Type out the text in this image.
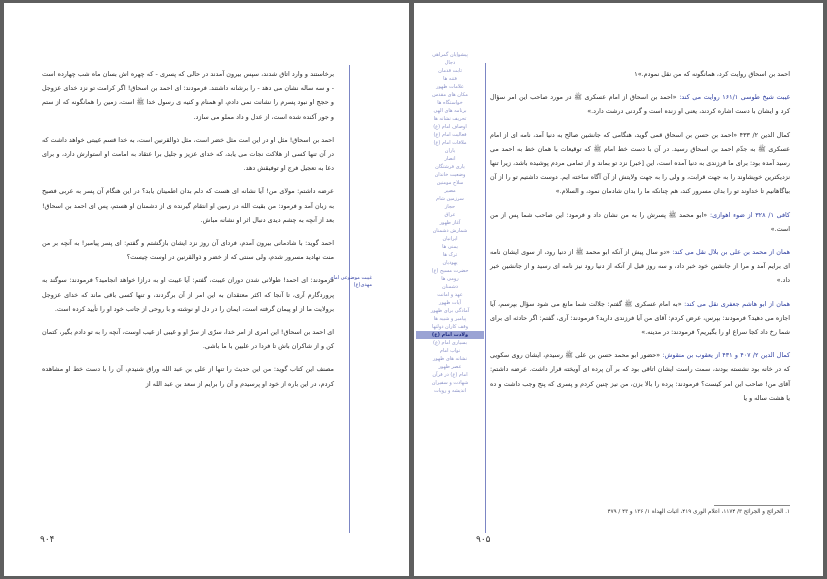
برخاستند و وارد اتاق شدند، سپس بیرون آمدند در حالی که پسری - که چهره اش بسان ماه شب چهارده است - و سه ساله نشان می دهد - را برشانه داشتند. فرمودند: ای احمد بن اسحاق! اگر کرامت تو نزد خدای عزوجل و حجج او نبود پسرم را نشانت نمی دادم، او همنام و کنیه ی رسول خدا ﷺ است، زمین را همانگونه که از ستم و جور آکنده شده است، از عدل و داد مملو می سازد.

احمد بن اسحاق! مثل او در این امت مثل خضر است، مثل ذوالقرنین است، به خدا قسم غیبتی خواهد داشت که در آن تنها کسی از هلاکت نجات می یابد، که خدای عزیز و جلیل برا عتقاد به امامت او استوارش دارد، و برای دعا به تعجیل فرج او توفیقش دهد.

عرضه داشتم: مولای من! آیا نشانه ای هست که دلم بدان اطمینان یابد؟ در این هنگام آن پسر به عربی فصیح به زبان آمد و فرمود: من بقیت الله در زمین او انتقام گیرنده ی از دشمنان او هستم، پس ای احمد بن اسحاق! بعد از آنچه به چشم دیدی دنبال اثر او نشانه مباش.

احمد گوید: با شادمانی بیرون آمدم، فردای آن روز نزد ایشان بازگشتم و گفتم: ای پسر پیامبر! به آنچه بر من منت نهادید مسرور شدم، ولی سنتی که از خضر و ذوالقرنین در اوست چیست؟

فرمودند: ای احمد! طولانی شدن دوران غیبت، گفتم: آیا غیبت او به درازا خواهد انجامید؟ فرمودند: سوگند به پروردگارم آری، تا آنجا که اکثر معتقدان به این امر از آن برگردند، و تنها کسی باقی ماند که خدای عزوجل برولایت ما از او پیمان گرفته است، ایمان را در دل او نوشته و با روحی از جانب خود او را تأیید کرده است.

ای احمد بن اسحاق! این امری از امر خدا، سرّی از سرّ او و غیبی از غیب اوست، آنچه را به تو دادم بگیر، کتمان کن و از شاکران باش تا فردا در علیین با ما باشی.

مصنف این کتاب گوید: من این حدیث را تنها از علی بن عبد الله وراق شنیدم، آن را با دست خط او مشاهده کردم، در این باره از خود او پرسیدم و آن را برایم از سعد بن عبد الله از

غيبت موضوعی امام مهدی(ع)
۹۰۴
پیشوایان گمراهی
دجال
ثابت قدمان
فتنه ها
علامات ظهور
مکان های مقدس
خواستگاه ها
برنامه های الهی
تحریف نشانه ها
اوصاف امام (ع)
فعالیت امام (ع)
ملاقات امام (ع)
یاران
انصار
یاری فرشتگان
وضعیت خاندان
سلاح مومنین
مصیر
سرزمین شام
حجاز
عراق
آغاز ظهور
شمارش دشمنان
ایرانیان
یمنی ها
ترک ها
یهودیان
حضرت مسیح (ع)
رومی ها
دشمنان
عهد و امانت
آیات ظهور
آمادگی برای ظهور
پیامبر و شبیه ها
وقف کاران دولتها
ولادت امام (ع)
بسیاری امام (ع)
نواب امام
نشانه های ظهور
عصر ظهور
امام (ع) در قرآن
شهادت و سفیران
اندیشه و رویات

احمد بن اسحاق روایت کرد، همانگونه که من نقل نمودم.»١

غیبت شیخ طوسی ۱۶۱/۱ روایت می کند: «احمد بن اسحاق از امام عسکری ﷺ در مورد صاحب این امر سؤال کرد و ایشان با دست اشاره کردند، یعنی او زنده است و گردنی درشت دارد.»

کمال الدین ۲/ ۴۳۳ «احمد بن حسن بن اسحاق قمی گوید، هنگامی که جانشین صالح به دنیا آمد، نامه ای از امام عسکری ﷺ به جدّم احمد بن اسحاق رسید. در آن با دست خط امام ﷺ که توقیعات با همان خط به احمد می رسید آمده بود: برای ما فرزندی به دنیا آمده است، این [خبر] نزد تو بماند و از تمامی مردم پوشیده باشد، زیرا تنها نزدیکترین خویشاوند را به جهت قرابت، و ولی را به جهت ولایتش از آن آگاه ساخته ایم. دوست داشتیم تو را از آن بیاگاهانیم تا خداوند تو را بدان مسرور کند، هم چنانکه ما را بدان شادمان نمود، و السلام.»

کافی ۱/ ۳۲۸ از ضوء اهوازی: «ابو محمد ﷺ پسرش را به من نشان داد و فرمود: این صاحب شما پس از من است.»

همان از محمد بن علی بن بلال نقل می کند: «دو سال پیش از آنکه ابو محمد ﷺ از دنیا رود، از سوی ایشان نامه ای برایم آمد و مرا از جانشین خود خبر داد، و سه روز قبل از آنکه از دنیا رود نیز نامه ای رسید و از جانشین خبر داد.»

همان از ابو هاشم جعفری نقل می کند: «به امام عسکری ﷺ گفتم: جلالت شما مانع می شود سؤال بپرسم، آیا اجازه می دهید؟ فرمودند: بپرس، عرض کردم: آقای من آیا فرزندی دارید؟ فرمودند: آری، گفتم: اگر حادثه ای برای شما رخ داد کجا سراغ او را بگیریم؟ فرمودند: در مدینه.»

کمال الدین ۲/ ۴۰۷ و ۴۳۱ از یعقوب بن منقوش: «حضور ابو محمد حسن بن علی ﷺ رسیدم، ایشان روی سکویی که در خانه بود نشسته بودند، سمت راست ایشان اتاقی بود که بر آن پرده ای آویخته قرار داشت. عرضه داشتم: آقای من! صاحب این امر کیست؟ فرمودند: پرده را بالا بزن، من نیز چنین کردم و پسری که پنج وجب داشت و ده یا هشت ساله و یا

۱. الخرائج و الجرائح ۳/ ۱۱۷۴، اعلام الوری ۴۱۹، اثبات الهداة ۱/ ۱۳۶ و ۴۳ / ۴۷۹
۹۰۵
